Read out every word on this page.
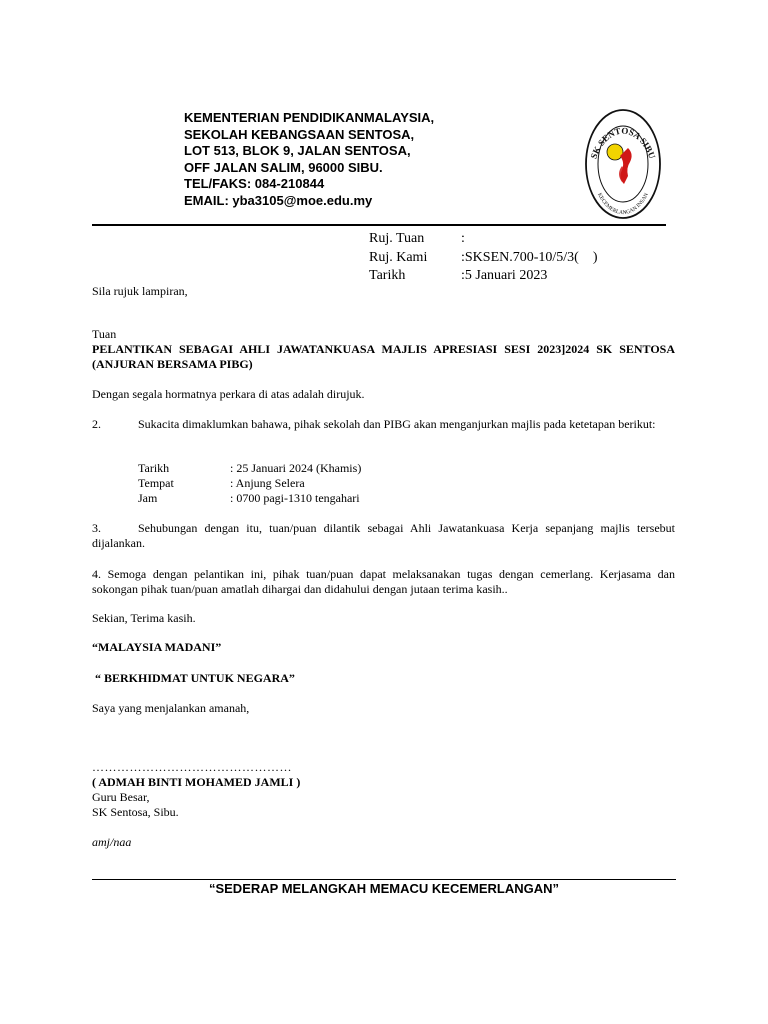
KEMENTERIAN PENDIDIKANMALAYSIA,
SEKOLAH KEBANGSAAN SENTOSA,
LOT 513, BLOK 9, JALAN SENTOSA,
OFF JALAN SALIM, 96000 SIBU.
TEL/FAKS: 084-210844
EMAIL: yba3105@moe.edu.my
SK SENTOSA SIBU
KECEMERLANGAN INSAN
Ruj. Tuan	:
Ruj. Kami	:SKSEN.700-10/5/3(    )
Tarikh	:5 Januari 2023
Sila rujuk lampiran,
Tuan
PELANTIKAN SEBAGAI AHLI JAWATANKUASA MAJLIS APRESIASI SESI 2023]2024 SK SENTOSA (ANJURAN BERSAMA PIBG)
Dengan segala hormatnya perkara di atas adalah dirujuk.
2.	Sukacita dimaklumkan bahawa, pihak sekolah dan PIBG akan menganjurkan majlis pada ketetapan berikut:
Tarikh	: 25 Januari 2024 (Khamis)
Tempat	: Anjung Selera
Jam	: 0700 pagi-1310 tengahari
3.	Sehubungan dengan itu, tuan/puan dilantik sebagai Ahli Jawatankuasa Kerja sepanjang majlis tersebut dijalankan.
4. Semoga dengan pelantikan ini, pihak tuan/puan dapat melaksanakan tugas dengan cemerlang. Kerjasama dan sokongan pihak tuan/puan amatlah dihargai dan didahului dengan jutaan terima kasih..
Sekian, Terima kasih.
“MALAYSIA MADANI”
“ BERKHIDMAT UNTUK NEGARA”
Saya yang menjalankan amanah,
…………………………………………
( ADMAH BINTI MOHAMED JAMLI )
Guru Besar,
SK Sentosa, Sibu.
amj/naa
“SEDERAP MELANGKAH MEMACU KECEMERLANGAN”
